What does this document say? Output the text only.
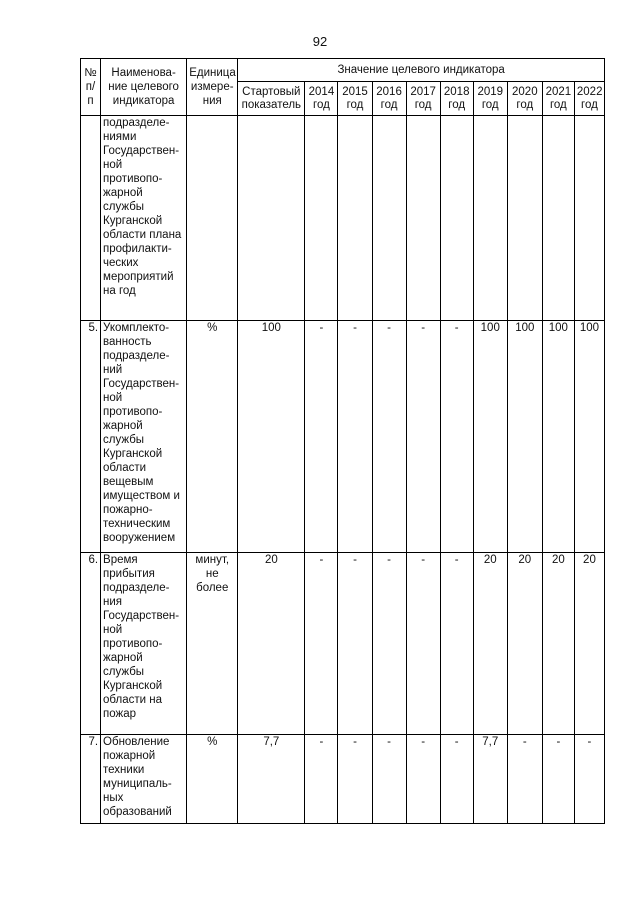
92
№ п/п	Наименова-ние целевого индикатора	Единица измере-ния	Значение целевого индикатора									
			Стартовый показатель	2014 год	2015 год	2016 год	2017 год	2018 год	2019 год	2020 год	2021 год	2022 год
	подразделе-ниями Государствен-ной противопо-жарной службы Курганской области плана профилакти-ческих мероприятий на год											
5.	Укомплекто-ванность подразделе-ний Государствен-ной противопо-жарной службы Курганской области вещевым имуществом и пожарно-техническим вооружением	%	100	-	-	-	-	-	100	100	100	100
6.	Время прибытия подразделе-ния Государствен-ной противопо-жарной службы Курганской области на пожар	минут, не более	20	-	-	-	-	-	20	20	20	20
7.	Обновление пожарной техники муниципаль-ных образований	%	7,7	-	-	-	-	-	7,7	-	-	-
